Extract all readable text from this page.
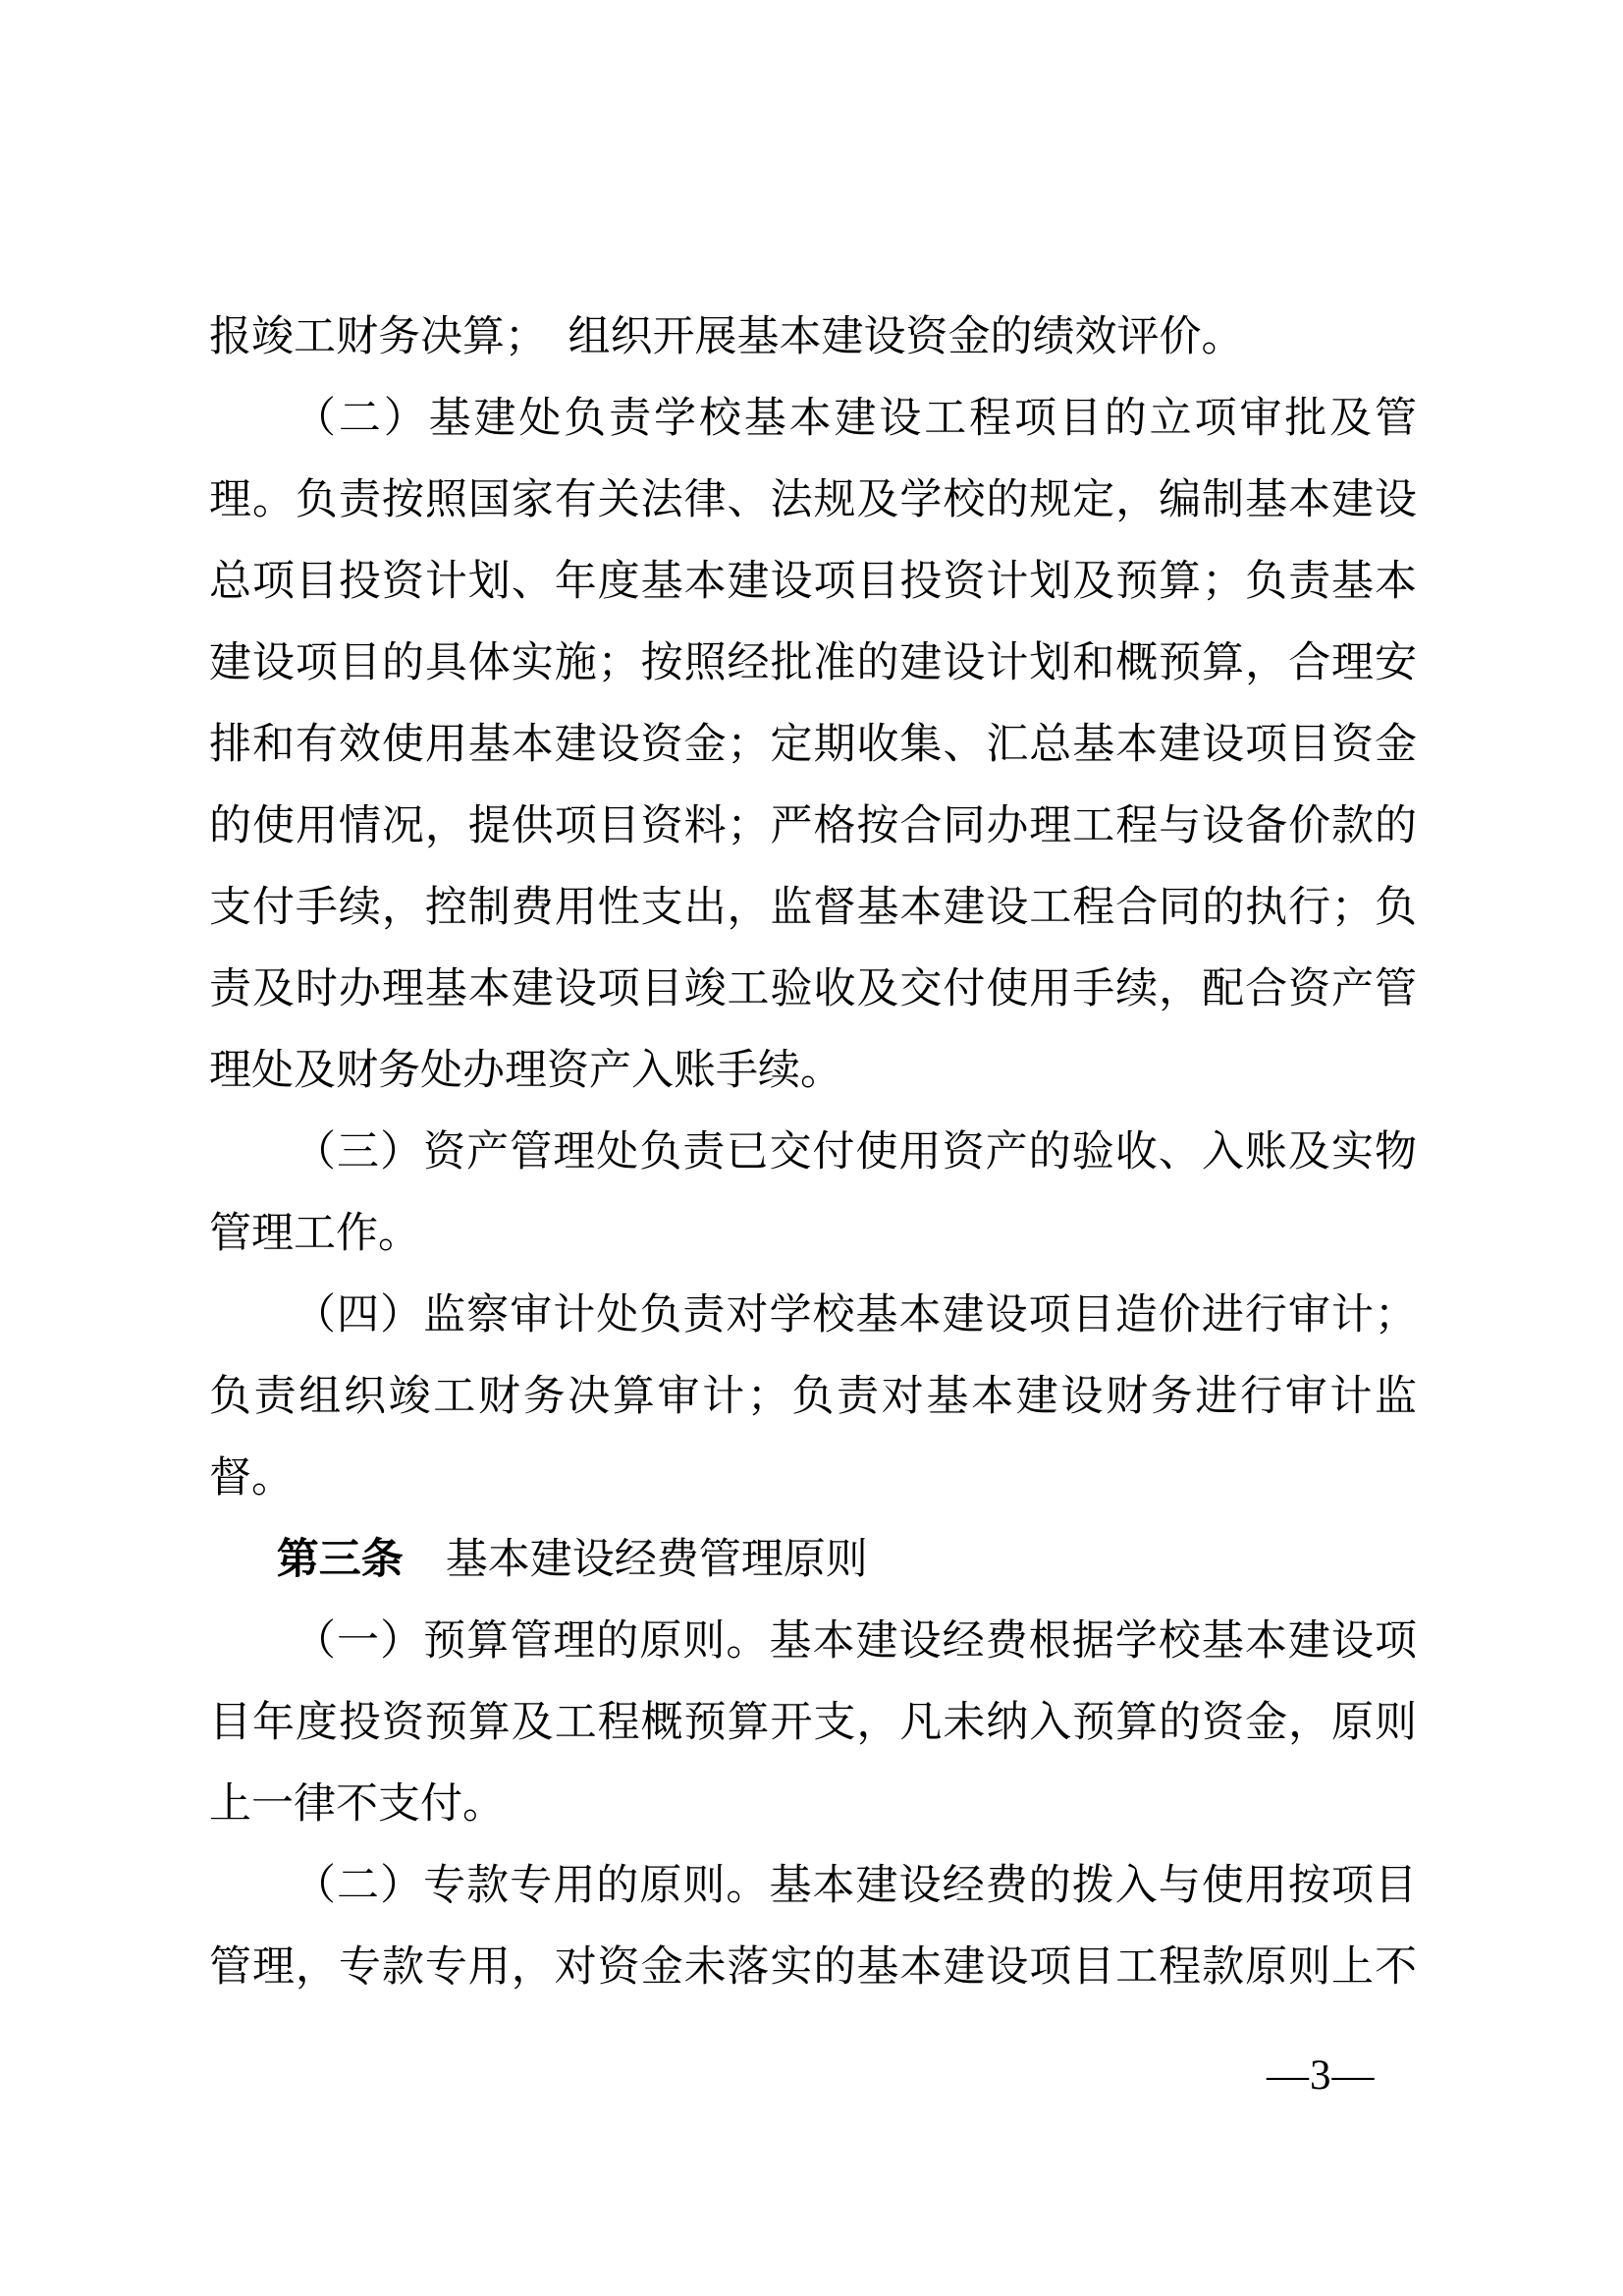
报竣工财务决算；　组织开展基本建设资金的绩效评价。
（二）基建处负责学校基本建设工程项目的立项审批及管
理。负责按照国家有关法律、法规及学校的规定，编制基本建设
总项目投资计划、年度基本建设项目投资计划及预算；负责基本
建设项目的具体实施；按照经批准的建设计划和概预算，合理安
排和有效使用基本建设资金；定期收集、汇总基本建设项目资金
的使用情况，提供项目资料；严格按合同办理工程与设备价款的
支付手续，控制费用性支出，监督基本建设工程合同的执行；负
责及时办理基本建设项目竣工验收及交付使用手续，配合资产管
理处及财务处办理资产入账手续。
（三）资产管理处负责已交付使用资产的验收、入账及实物
管理工作。
（四）监察审计处负责对学校基本建设项目造价进行审计；
负责组织竣工财务决算审计；负责对基本建设财务进行审计监
督。
第三条　基本建设经费管理原则
（一）预算管理的原则。基本建设经费根据学校基本建设项
目年度投资预算及工程概预算开支，凡未纳入预算的资金，原则
上一律不支付。
（二）专款专用的原则。基本建设经费的拨入与使用按项目
管理，专款专用，对资金未落实的基本建设项目工程款原则上不
—3—
